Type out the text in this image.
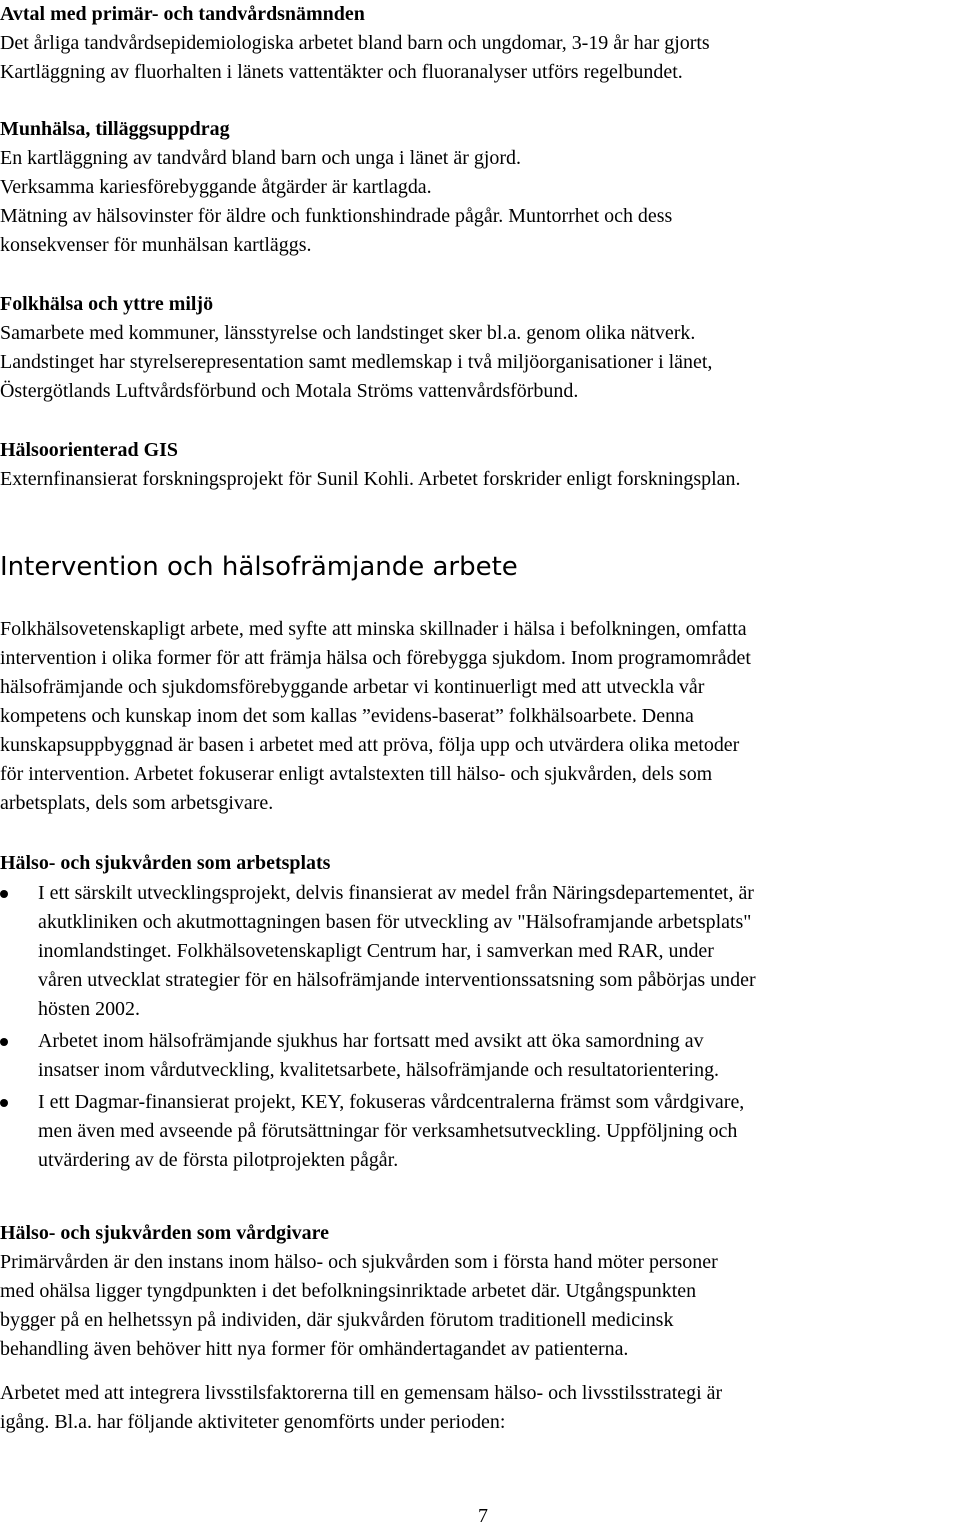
Avtal med primär- och tandvårdsnämnden
Det årliga tandvårdsepidemiologiska arbetet bland barn och ungdomar, 3-19 år har gjorts
Kartläggning av fluorhalten i länets vattentäkter och fluoranalyser utförs regelbundet.
Munhälsa, tilläggsuppdrag
En kartläggning av tandvård bland barn och unga i länet är gjord.
Verksamma kariesförebyggande åtgärder är kartlagda.
Mätning av hälsovinster för äldre och funktionshindrade pågår. Muntorrhet och dess
konsekvenser för munhälsan kartläggs.
Folkhälsa och yttre miljö
Samarbete med kommuner, länsstyrelse och landstinget sker bl.a. genom olika nätverk.
Landstinget har styrelserepresentation samt medlemskap i två miljöorganisationer i länet,
Östergötlands Luftvårdsförbund och Motala Ströms vattenvårdsförbund.
Hälsoorienterad GIS
Externfinansierat forskningsprojekt för Sunil Kohli. Arbetet forskrider enligt forskningsplan.
Intervention och hälsofrämjande arbete
Folkhälsovetenskapligt arbete, med syfte att minska skillnader i hälsa i befolkningen, omfatta
intervention i olika former för att främja hälsa och förebygga sjukdom. Inom programområdet
hälsofrämjande och sjukdomsförebyggande arbetar vi kontinuerligt med att utveckla vår
kompetens och kunskap inom det som kallas ”evidens-baserat” folkhälsoarbete. Denna
kunskapsuppbyggnad är basen i arbetet med att pröva, följa upp och utvärdera olika metoder
för intervention. Arbetet fokuserar enligt avtalstexten till hälso- och sjukvården, dels som
arbetsplats, dels som arbetsgivare.
Hälso- och sjukvården som arbetsplats
I ett särskilt utvecklingsprojekt, delvis finansierat av medel från Näringsdepartementet, är
akutkliniken och akutmottagningen basen för utveckling av "Hälsoframjande arbetsplats"
inomlandstinget. Folkhälsovetenskapligt Centrum har, i samverkan med RAR, under
våren utvecklat strategier för en hälsofrämjande interventionssatsning som påbörjas under
hösten 2002.
Arbetet inom hälsofrämjande sjukhus har fortsatt med avsikt att öka samordning av
insatser inom vårdutveckling, kvalitetsarbete, hälsofrämjande och resultatorientering.
I ett Dagmar-finansierat projekt, KEY, fokuseras vårdcentralerna främst som vårdgivare,
men även med avseende på förutsättningar för verksamhetsutveckling. Uppföljning och
utvärdering av de första pilotprojekten pågår.
Hälso- och sjukvården som vårdgivare
Primärvården är den instans inom hälso- och sjukvården som i första hand möter personer
med ohälsa ligger tyngdpunkten i det befolkningsinriktade arbetet där. Utgångspunkten
bygger på en helhetssyn på individen, där sjukvården förutom traditionell medicinsk
behandling även behöver hitt nya former för omhändertagandet av patienterna.
Arbetet med att integrera livsstilsfaktorerna till en gemensam hälso- och livsstilsstrategi är
igång. Bl.a. har följande aktiviteter genomförts under perioden:
7
